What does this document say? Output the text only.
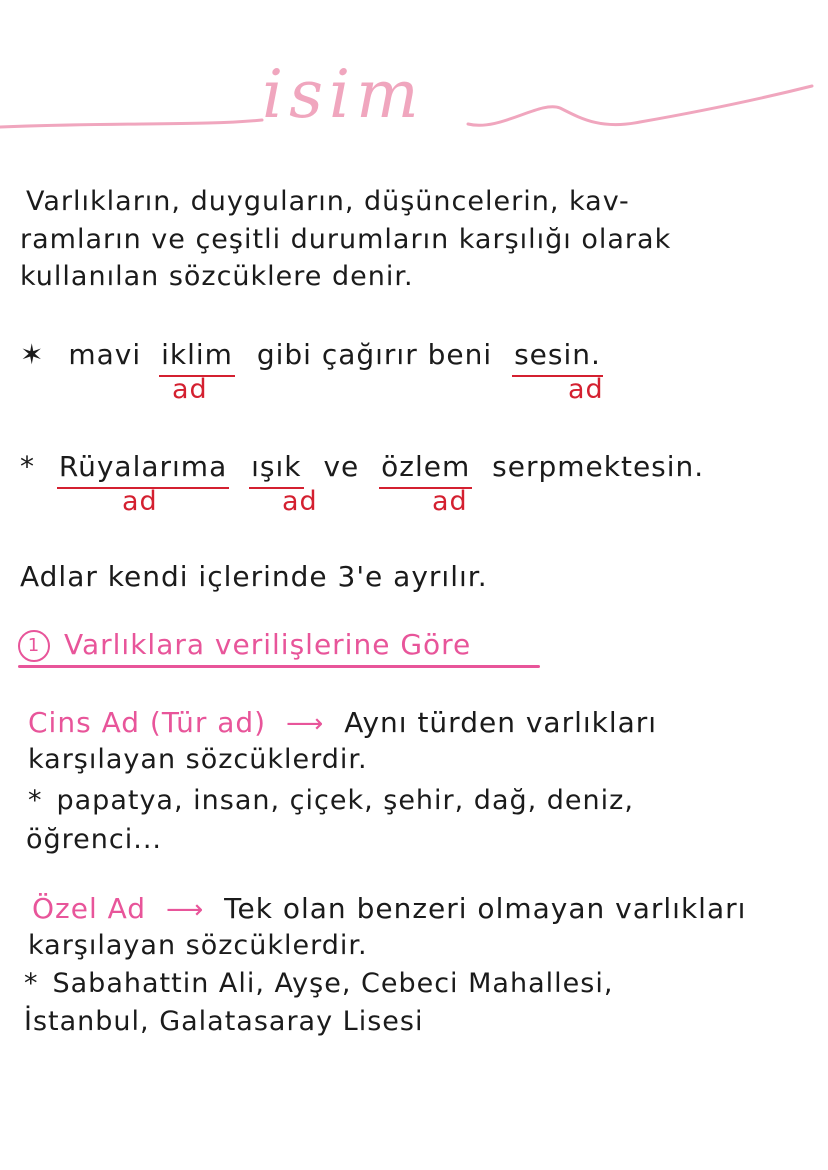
isim
Varlıkların, duyguların, düşüncelerin, kav-
ramların ve çeşitli durumların karşılığı olarak
kullanılan sözcüklere denir.
✶ mavi iklim gibi çağırır beni sesin.
ad	ad
* Rüyalarıma ışık ve özlem serpmektesin.
ad	ad	ad
Adlar kendi içlerinde 3'e ayrılır.
1 Varlıklara verilişlerine Göre
Cins Ad (Tür ad) ⟶ Aynı türden varlıkları
karşılayan sözcüklerdir.
* papatya, insan, çiçek, şehir, dağ, deniz,
öğrenci...
Özel Ad ⟶ Tek olan benzeri olmayan varlıkları
karşılayan sözcüklerdir.
* Sabahattin Ali, Ayşe, Cebeci Mahallesi,
İstanbul, Galatasaray Lisesi
